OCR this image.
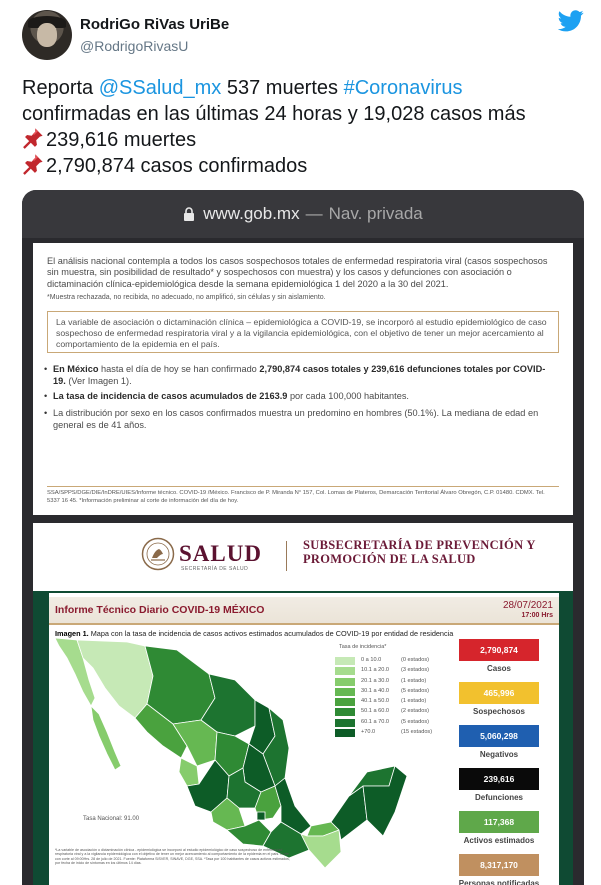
RodriGo RiVas UriBe
@RodrigoRivasU
Reporta @SSalud_mx 537 muertes #Coronavirus
confirmadas en las últimas 24 horas y 19,028 casos más
239,616 muertes
2,790,874 casos confirmados
www.gob.mx — Nav. privada

El análisis nacional contempla a todos los casos sospechosos totales de enfermedad respiratoria viral (casos sospechosos sin muestra, sin posibilidad de resultado* y sospechosos con muestra) y los casos y defunciones con asociación o dictaminación clínica-epidemiológica desde la semana epidemiológica 1 del 2020 a la 30 del 2021.

*Muestra rechazada, no recibida, no adecuado, no amplificó, sin células y sin aislamiento.

La variable de asociación o dictaminación clínica – epidemiológica a COVID-19, se incorporó al estudio epidemiológico de caso sospechoso de enfermedad respiratoria viral y a la vigilancia epidemiológica, con el objetivo de tener un mejor acercamiento al comportamiento de la epidemia en el país.
• En México hasta el día de hoy se han confirmado 2,790,874 casos totales y 239,616 defunciones totales por COVID-19. (Ver Imagen 1).
• La tasa de incidencia de casos acumulados de 2163.9 por cada 100,000 habitantes.
• La distribución por sexo en los casos confirmados muestra un predomino en hombres (50.1%). La mediana de edad en general es de 41 años.
SSA/SPPS/DGE/DIE/InDRE/UIES/Informe técnico. COVID-19 /México. Francisco de P. Miranda N° 157, Col. Lomas de Plateros, Demarcación Territorial Álvaro Obregón, C.P. 01480. CDMX. Tel. 5337 16 45. *Información preliminar al corte de información del día de hoy.
SALUD
SECRETARÍA DE SALUD
SUBSECRETARÍA DE PREVENCIÓN Y
PROMOCIÓN DE LA SALUD
Informe Técnico Diario COVID-19 MÉXICO	28/07/2021
17:00 Hrs
Imagen 1. Mapa con la tasa de incidencia de casos activos estimados acumulados de COVID-19 por entidad de residencia
Tasa de incidencia*
0 a 10.0	(0 estados)
10.1 a 20.0 (3 estados)
20.1 a 30.0 (1 estado)
30.1 a 40.0 (5 estados)
40.1 a 50.0 (1 estado)
50.1 a 60.0 (2 estados)
60.1 a 70.0 (5 estados)
+70.0	(15 estados)
Tasa Nacional: 91.00
*La variable de asociación o dictaminación clínica - epidemiológica se incorporó al estudio epidemiológico de caso sospechoso de enfermedad respiratoria viral y a la vigilancia epidemiológica con el objetivo de tener un mejor acercamiento al comportamiento de la epidemia en el país. Corte con corte al 09:00Hrs. 28 de julio de 2021. Fuente: Plataforma SISVER, SINAVE, DGE, SSA. *Tasa por 100 habitantes de casos activos estimados, por fecha de inicio de síntomas en los últimos 14 días.
2,790,874
Casos
465,996
Sospechosos
5,060,298
Negativos
239,616
Defunciones
117,368
Activos estimados
8,317,170
Personas notificadas
